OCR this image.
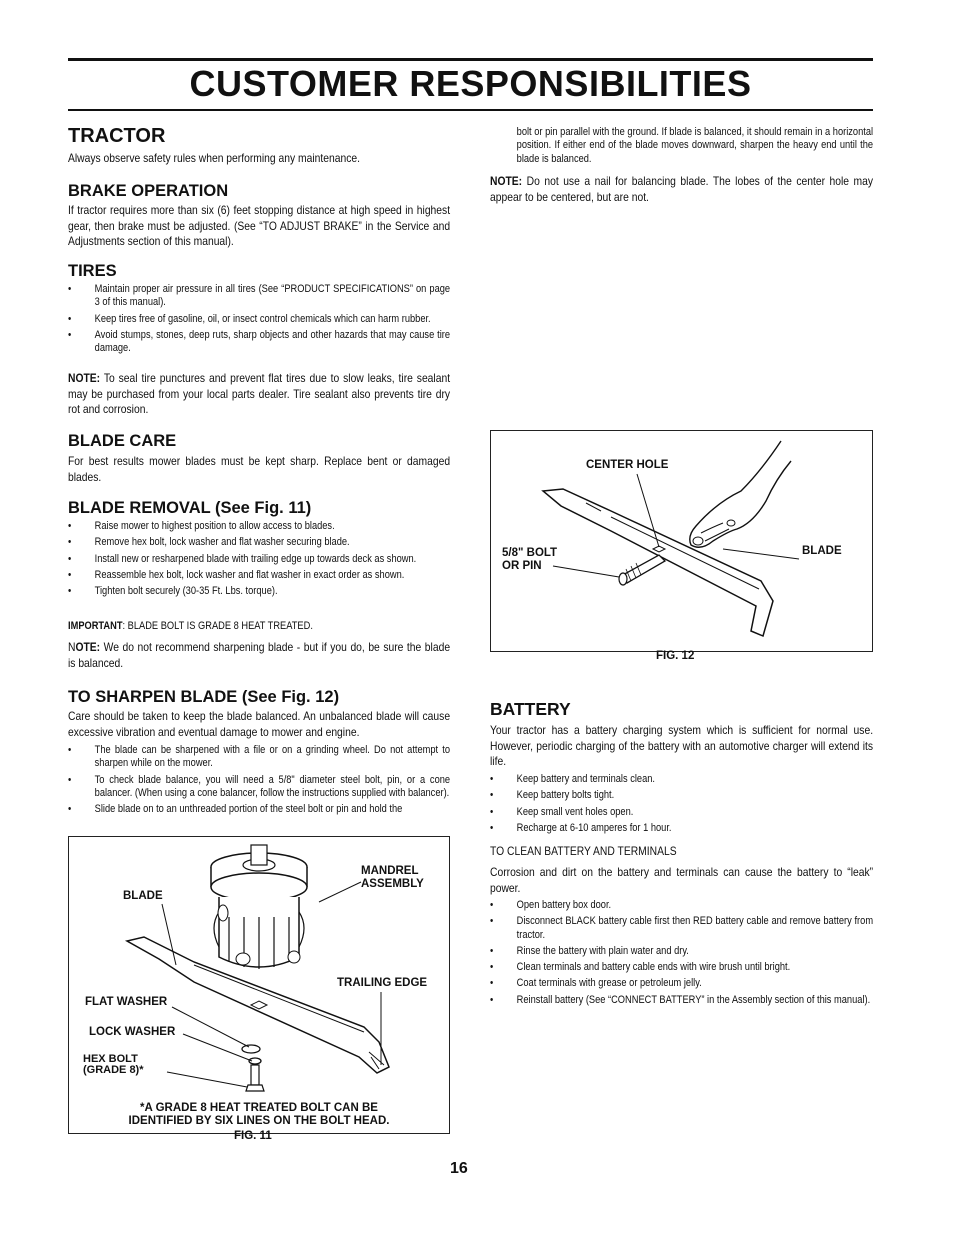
CUSTOMER RESPONSIBILITIES
TRACTOR
Always observe safety rules when performing any maintenance.
BRAKE OPERATION
If tractor requires more than six (6) feet stopping distance at high speed in highest gear, then brake must be adjusted. (See “TO ADJUST BRAKE” in the Service and Adjustments section of this manual).
TIRES
• Maintain proper air pressure in all tires (See “PRODUCT SPECIFICATIONS” on page 3 of this manual).
• Keep tires free of gasoline, oil, or insect control chemicals which can harm rubber.
• Avoid stumps, stones, deep ruts, sharp objects and other hazards that may cause tire damage.
NOTE: To seal tire punctures and prevent flat tires due to slow leaks, tire sealant may be purchased from your local parts dealer. Tire sealant also prevents tire dry rot and corrosion.
BLADE CARE
For best results mower blades must be kept sharp. Replace bent or damaged blades.
BLADE REMOVAL (See Fig. 11)
• Raise mower to highest position to allow access to blades.
• Remove hex bolt, lock washer and flat washer securing blade.
• Install new or resharpened blade with trailing edge up towards deck as shown.
• Reassemble hex bolt, lock washer and flat washer in exact order as shown.
• Tighten bolt securely (30-35 Ft. Lbs. torque).
IMPORTANT: BLADE BOLT IS GRADE 8 HEAT TREATED.
NOTE: We do not recommend sharpening blade - but if you do, be sure the blade is balanced.
TO SHARPEN BLADE (See Fig. 12)
Care should be taken to keep the blade balanced. An unbalanced blade will cause excessive vibration and eventual damage to mower and engine.
• The blade can be sharpened with a file or on a grinding wheel. Do not attempt to sharpen while on the mower.
• To check blade balance, you will need a 5/8" diameter steel bolt, pin, or a cone balancer. (When using a cone balancer, follow the instructions supplied with balancer).
• Slide blade on to an unthreaded portion of the steel bolt or pin and hold the
MANDREL
ASSEMBLY
BLADE
TRAILING EDGE
FLAT WASHER
LOCK WASHER
HEX BOLT
(GRADE 8)*
*A GRADE 8 HEAT TREATED BOLT CAN BE
IDENTIFIED BY SIX LINES ON THE BOLT HEAD.
FIG. 11
bolt or pin parallel with the ground. If blade is balanced, it should remain in a horizontal position. If either end of the blade moves downward, sharpen the heavy end until the blade is balanced.
NOTE: Do not use a nail for balancing blade. The lobes of the center hole may appear to be centered, but are not.
CENTER HOLE
5/8" BOLT
OR PIN
BLADE
FIG. 12
BATTERY
Your tractor has a battery charging system which is sufficient for normal use. However, periodic charging of the battery with an automotive charger will extend its life.
• Keep battery and terminals clean.
• Keep battery bolts tight.
• Keep small vent holes open.
• Recharge at 6-10 amperes for 1 hour.
TO CLEAN BATTERY AND TERMINALS
Corrosion and dirt on the battery and terminals can cause the battery to “leak” power.
• Open battery box door.
• Disconnect BLACK battery cable first then RED battery cable and remove battery from tractor.
• Rinse the battery with plain water and dry.
• Clean terminals and battery cable ends with wire brush until bright.
• Coat terminals with grease or petroleum jelly.
• Reinstall battery (See “CONNECT BATTERY” in the Assembly section of this manual).
16
